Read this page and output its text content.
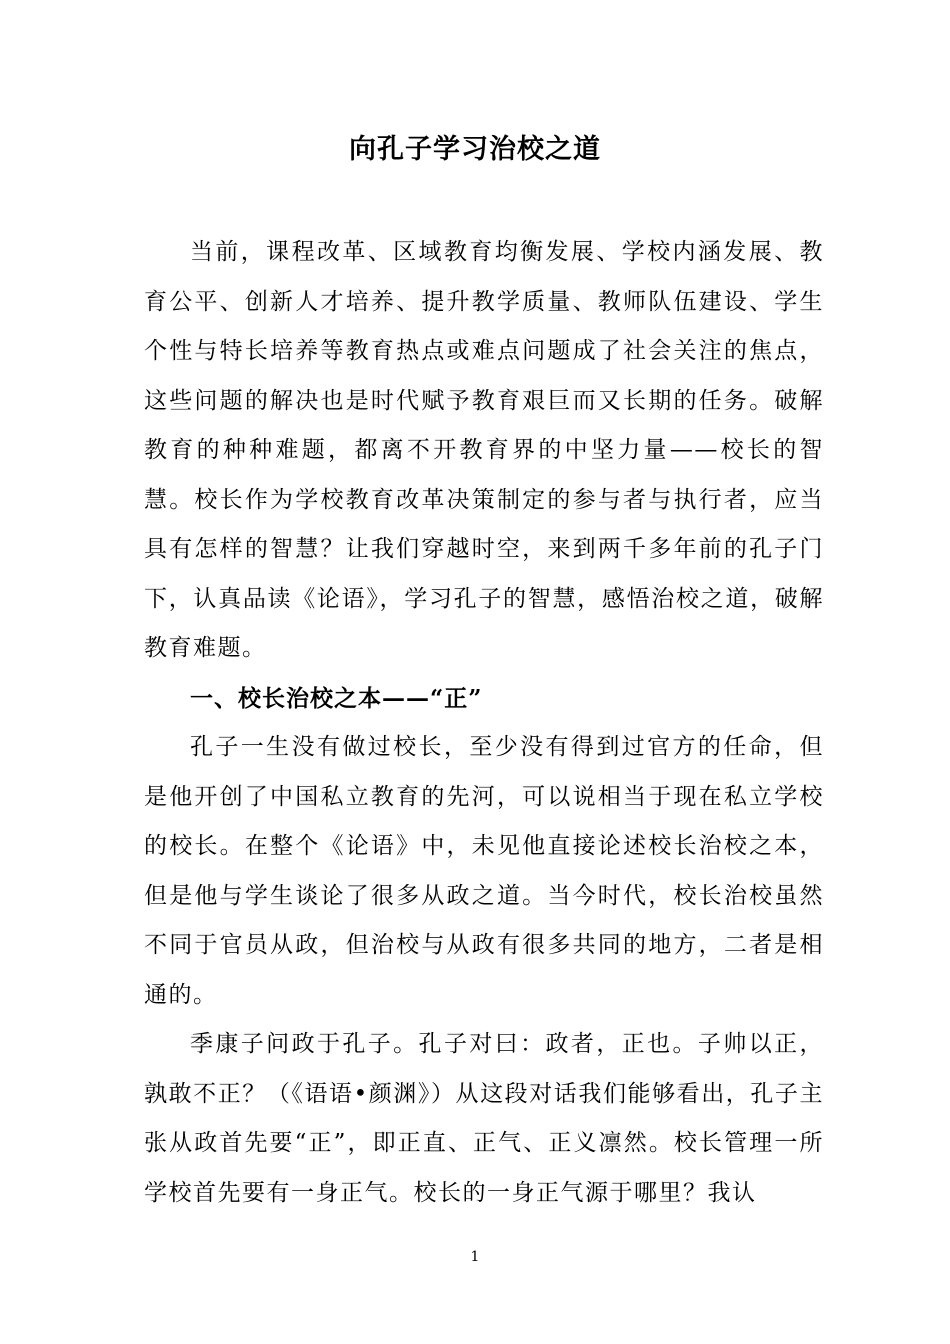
向孔子学习治校之道

当前，课程改革、区域教育均衡发展、学校内涵发展、教育公平、创新人才培养、提升教学质量、教师队伍建设、学生个性与特长培养等教育热点或难点问题成了社会关注的焦点，这些问题的解决也是时代赋予教育艰巨而又长期的任务。破解教育的种种难题，都离不开教育界的中坚力量——校长的智慧。校长作为学校教育改革决策制定的参与者与执行者，应当具有怎样的智慧？让我们穿越时空，来到两千多年前的孔子门下，认真品读《论语》，学习孔子的智慧，感悟治校之道，破解教育难题。

一、校长治校之本——“正”

孔子一生没有做过校长，至少没有得到过官方的任命，但是他开创了中国私立教育的先河，可以说相当于现在私立学校的校长。在整个《论语》中，未见他直接论述校长治校之本，但是他与学生谈论了很多从政之道。当今时代，校长治校虽然不同于官员从政，但治校与从政有很多共同的地方，二者是相通的。

季康子问政于孔子。孔子对曰：政者，正也。子帅以正，孰敢不正？（《语语•颜渊》）从这段对话我们能够看出，孔子主张从政首先要“正”，即正直、正气、正义凛然。校长管理一所学校首先要有一身正气。校长的一身正气源于哪里？我认

1
